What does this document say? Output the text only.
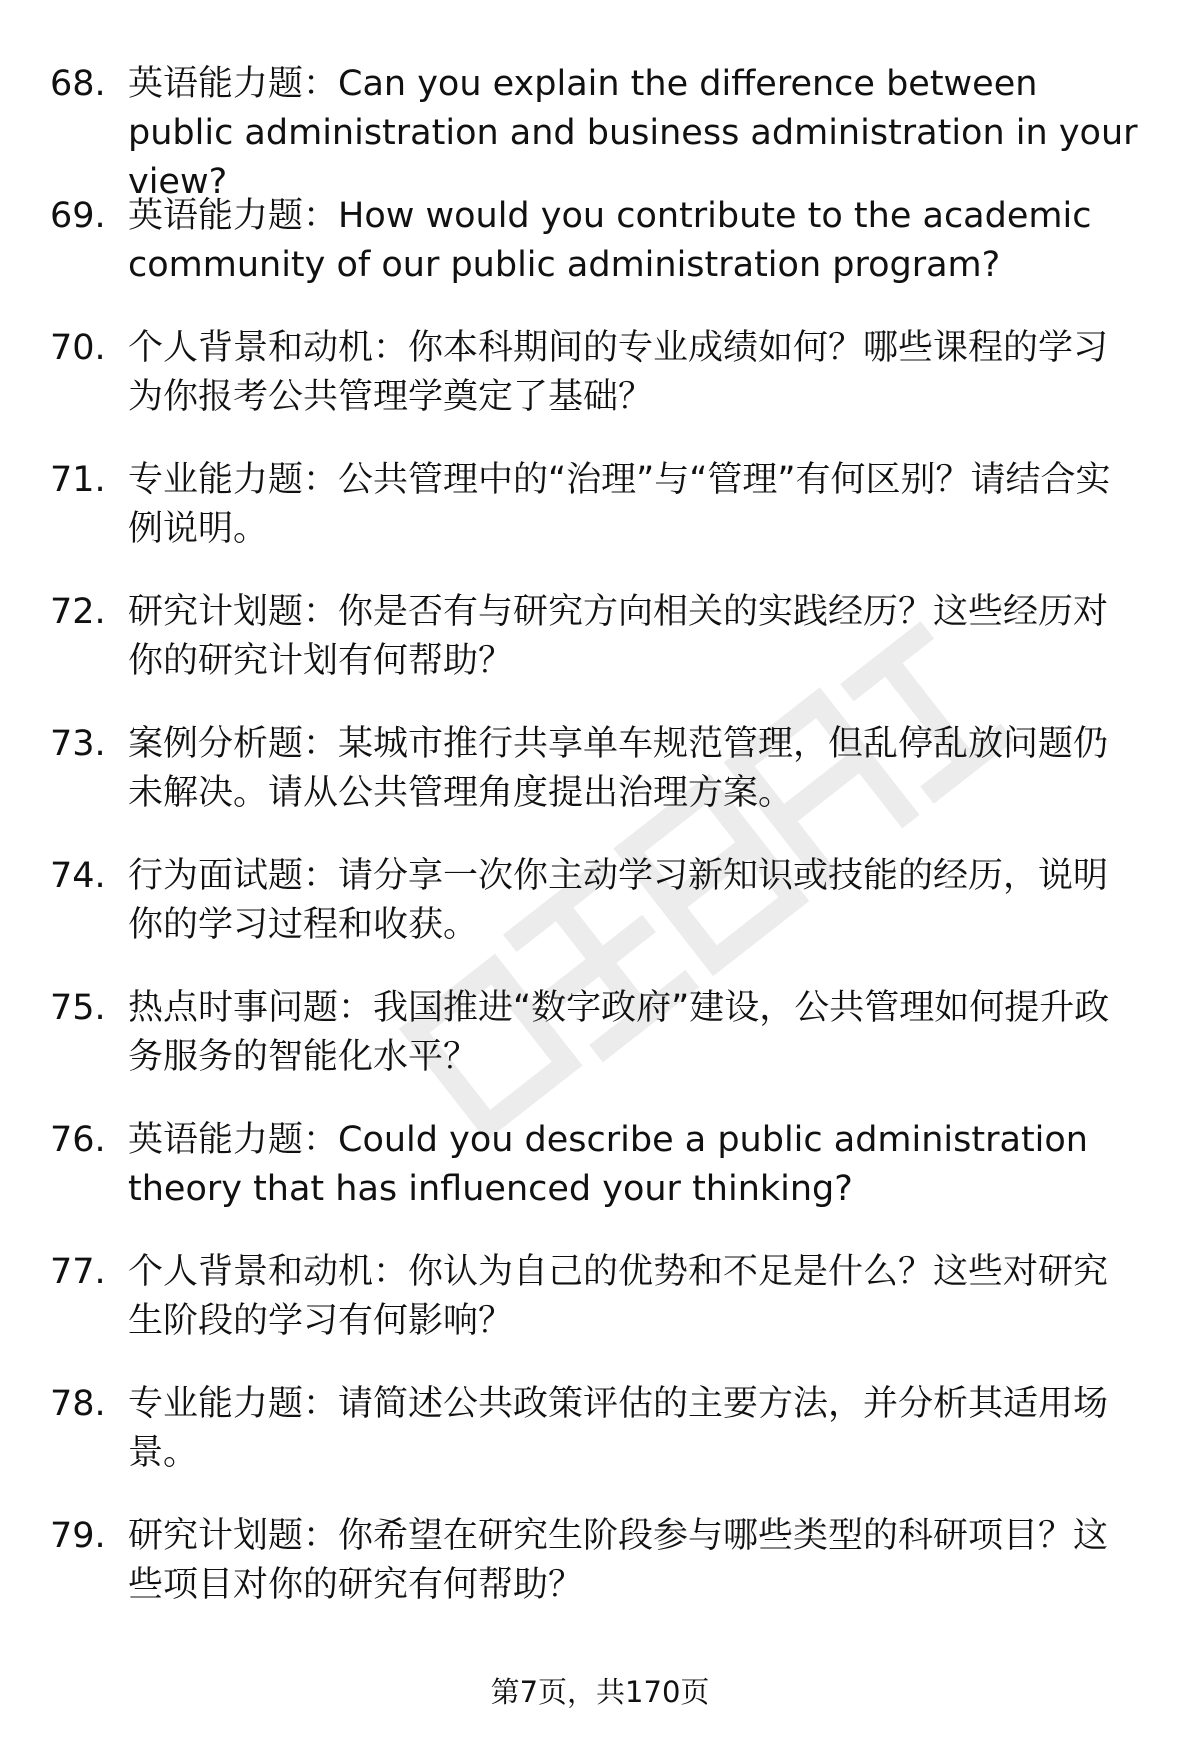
68. 英语能力题：Can you explain the difference between public administration and business administration in your view?
69. 英语能力题：How would you contribute to the academic community of our public administration program?
70. 个人背景和动机：你本科期间的专业成绩如何？哪些课程的学习为你报考公共管理学奠定了基础？
71. 专业能力题：公共管理中的“治理”与“管理”有何区别？请结合实例说明。
72. 研究计划题：你是否有与研究方向相关的实践经历？这些经历对你的研究计划有何帮助？
73. 案例分析题：某城市推行共享单车规范管理，但乱停乱放问题仍未解决。请从公共管理角度提出治理方案。
74. 行为面试题：请分享一次你主动学习新知识或技能的经历，说明你的学习过程和收获。
75. 热点时事问题：我国推进“数字政府”建设，公共管理如何提升政务服务的智能化水平？
76. 英语能力题：Could you describe a public administration theory that has influenced your thinking?
77. 个人背景和动机：你认为自己的优势和不足是什么？这些对研究生阶段的学习有何影响？
78. 专业能力题：请简述公共政策评估的主要方法，并分析其适用场景。
79. 研究计划题：你希望在研究生阶段参与哪些类型的科研项目？这些项目对你的研究有何帮助？
第7页，共170页
